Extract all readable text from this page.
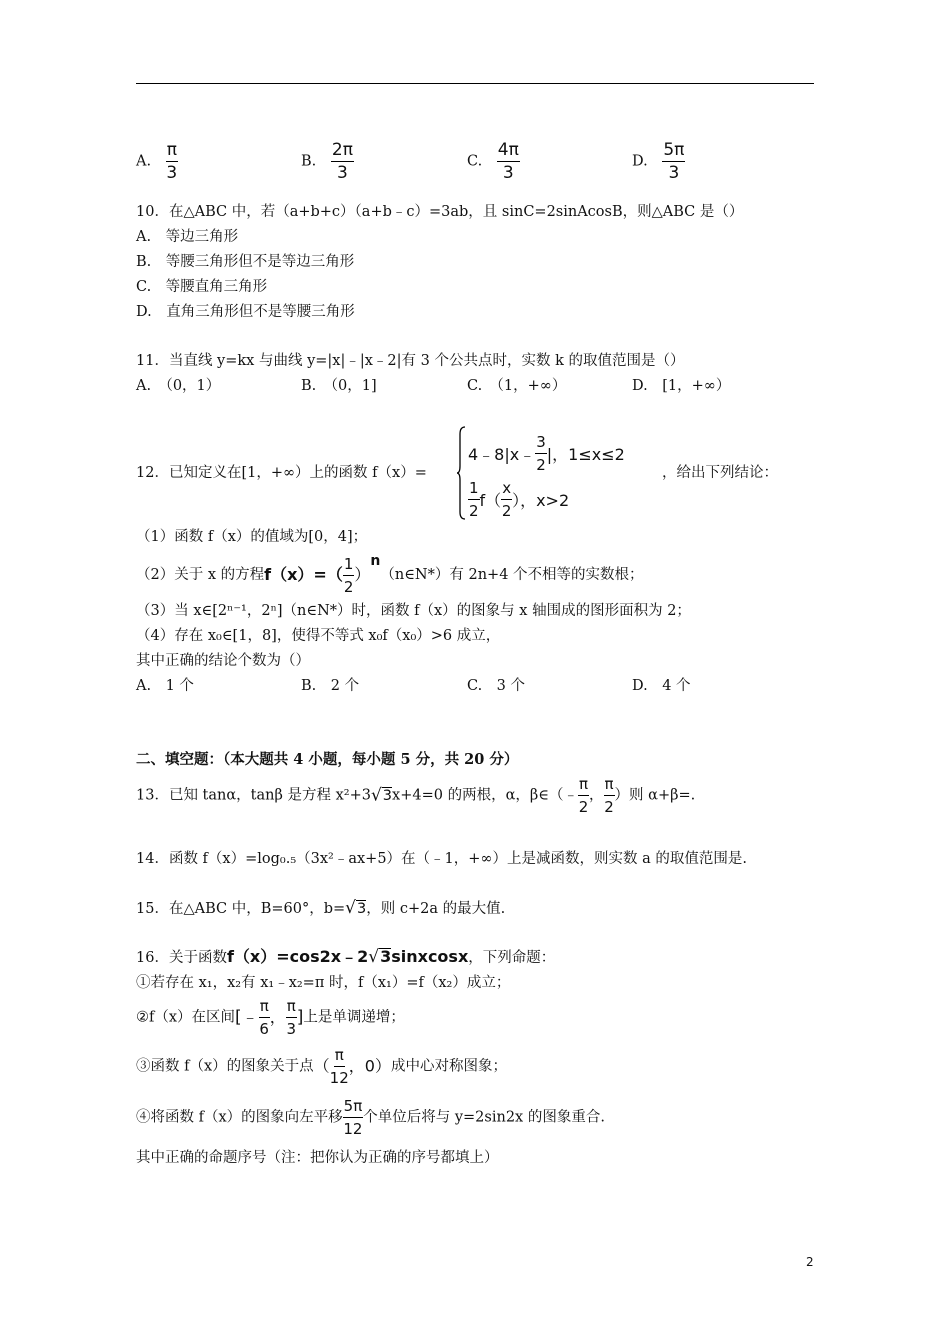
A. $\frac{\pi}{3}$	B. $\frac{2\pi}{3}$	C. $\frac{4\pi}{3}$	D. $\frac{5\pi}{3}$
10．在△ABC 中，若（a+b+c）（a+b﹣c）=3ab，且 sinC=2sinAcosB，则△ABC 是（）
A.　等边三角形
B.　等腰三角形但不是等边三角形
C.　等腰直角三角形
D.　直角三角形但不是等腰三角形
11．当直线 y=kx 与曲线 y=|x|﹣|x﹣2|有 3 个公共点时，实数 k 的取值范围是（）
A.　（0，1）	B.　（0，1]	C.　（1，+∞）	D.　[1，+∞）
12．已知定义在[1，+∞）上的函数 f（x）=
4﹣8|x﹣ $\frac{3}{2}$ |，1≤x≤2
$\frac{1}{2} f( \frac{x}{2}$ ），x>2
，给出下列结论：
（1）函数 f（x）的值域为[0，4]；
（2）关于 x 的方程$f(x)=( \frac{1}{2}$ ）n（n∈N*）有 2n+4 个不相等的实数根；
（3）当 x∈[2ⁿ⁻¹，2ⁿ]（n∈N*）时，函数 f（x）的图象与 x 轴围成的图形面积为 2；
（4）存在 x₀∈[1，8]，使得不等式 x₀f（x₀）>6 成立，
其中正确的结论个数为（）
A.　1 个	B.　2 个	C.　3 个	D.　4 个
二、填空题：（本大题共 4 小题，每小题 5 分，共 20 分）
13．已知 tanα，tanβ 是方程 x²+3√3x+4=0 的两根，α，β∈（﹣ $\frac{\pi}{2}$ ， $\frac{\pi}{2}$ ）则 α+β=.
14．函数 f（x）=log₀.₅（3x²﹣ax+5）在（﹣1，+∞）上是减函数，则实数 a 的取值范围是.
15．在△ABC 中，B=60°，b=√3，则 c+2a 的最大值.
16．关于函数f（x）=cos2x﹣2√3sinxcosx，下列命题：
①若存在 x₁，x₂有 x₁﹣x₂=π 时，f（x₁）=f（x₂）成立；
②f（x）在区间[﹣ $\frac{\pi}{6}$ ， $\frac{\pi}{3}$ ]上是单调递增；
③函数 f（x）的图象关于点（ $\frac{\pi}{12}$ ，0）成中心对称图象；
④将函数 f（x）的图象向左平移 $\frac{5\pi}{12}$ 个单位后将与 y=2sin2x 的图象重合.
其中正确的命题序号（注：把你认为正确的序号都填上）
2
